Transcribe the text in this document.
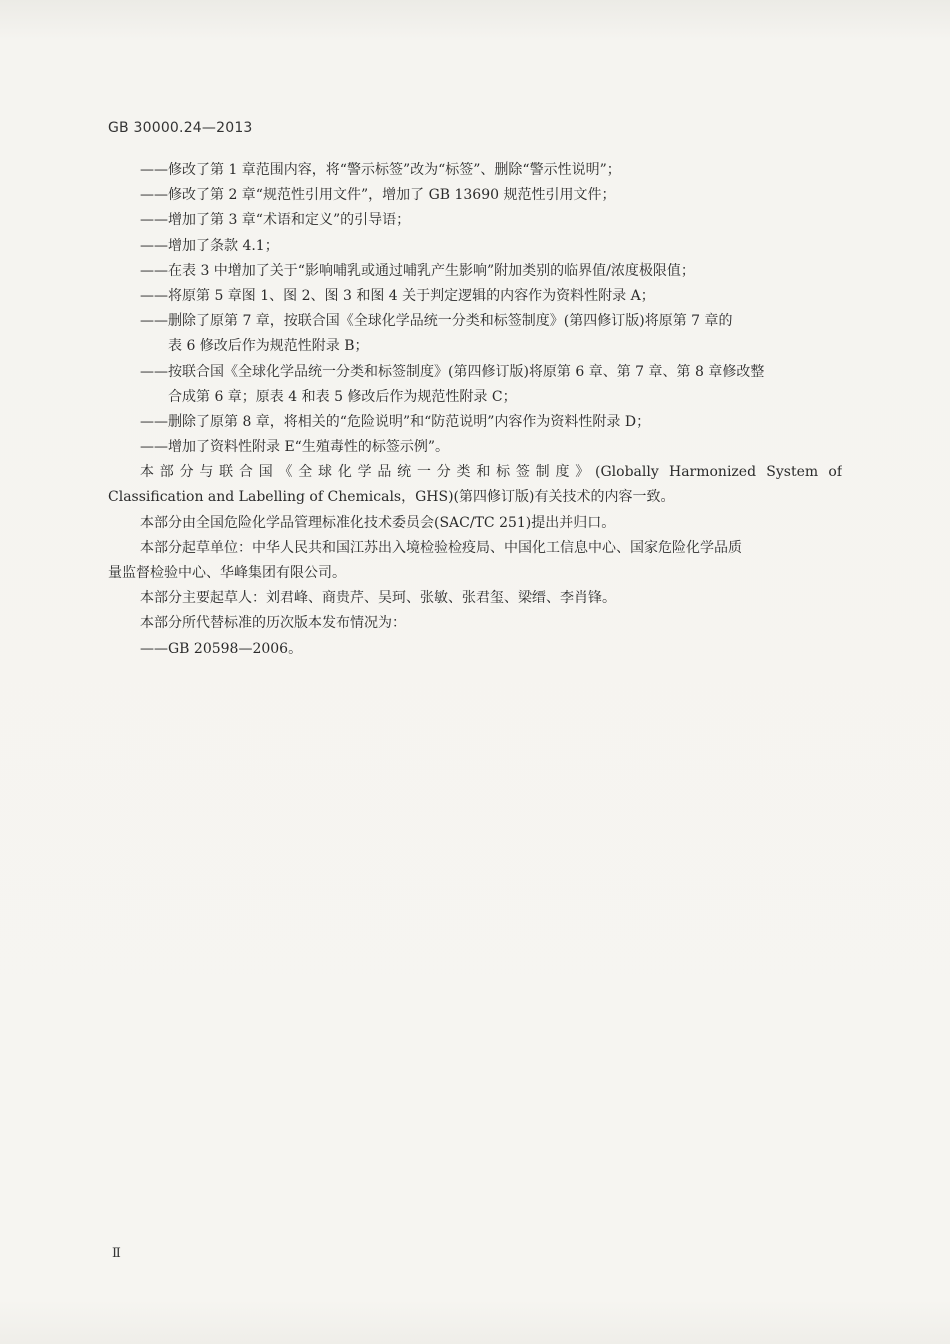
GB 30000.24—2013
——修改了第 1 章范围内容，将“警示标签”改为“标签”、删除“警示性说明”；
——修改了第 2 章“规范性引用文件”，增加了 GB 13690 规范性引用文件；
——增加了第 3 章“术语和定义”的引导语；
——增加了条款 4.1；
——在表 3 中增加了关于“影响哺乳或通过哺乳产生影响”附加类别的临界值/浓度极限值；
——将原第 5 章图 1、图 2、图 3 和图 4 关于判定逻辑的内容作为资料性附录 A；
——删除了原第 7 章，按联合国《全球化学品统一分类和标签制度》(第四修订版)将原第 7 章的
表 6 修改后作为规范性附录 B；
——按联合国《全球化学品统一分类和标签制度》(第四修订版)将原第 6 章、第 7 章、第 8 章修改整
合成第 6 章；原表 4 和表 5 修改后作为规范性附录 C；
——删除了原第 8 章，将相关的“危险说明”和“防范说明”内容作为资料性附录 D；
——增加了资料性附录 E“生殖毒性的标签示例”。
本部分与联合国《全球化学品统一分类和标签制度》(Globally Harmonized System of
Classification and Labelling of Chemicals，GHS)(第四修订版)有关技术的内容一致。
本部分由全国危险化学品管理标准化技术委员会(SAC/TC 251)提出并归口。
本部分起草单位：中华人民共和国江苏出入境检验检疫局、中国化工信息中心、国家危险化学品质
量监督检验中心、华峰集团有限公司。
本部分主要起草人：刘君峰、商贵芹、吴珂、张敏、张君玺、梁缙、李肖锋。
本部分所代替标准的历次版本发布情况为：
——GB 20598—2006。
Ⅱ
